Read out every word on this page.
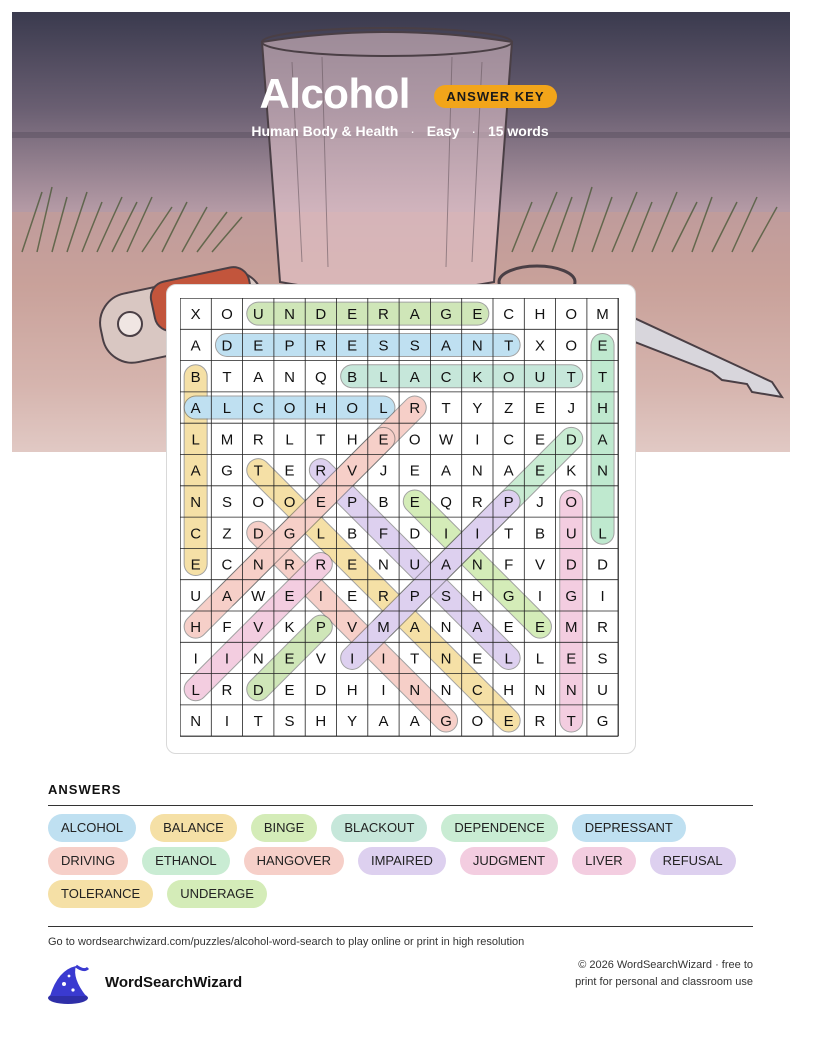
Alcohol	ANSWER KEY
Human Body & Health · Easy · 15 words
X O U N D E R A G E C H O M
A D E P R E S S A N T X O E
B T A N Q B L A C K O U T T
A L C O H O L R T Y Z E J H
L M R L T H E O W I C E D A
A G T E R V J E A N A E K N
N S O O E P B E Q R P J O
C Z D G L B F D I I T B U L
E C N R R E N U A N F V D D
U A W E I E R P S H G I G I
H F V K P V M A N A E E M R
I I N E V I I T N E L L E S
L R D E D H I N N C H N N U
N I T S H Y A A G O E R T G
ANSWERS
ALCOHOL	BALANCE	BINGE	BLACKOUT	DEPENDENCE	DEPRESSANT
DRIVING	ETHANOL	HANGOVER	IMPAIRED	JUDGMENT	LIVER	REFUSAL
TOLERANCE	UNDERAGE
Go to wordsearchwizard.com/puzzles/alcohol-word-search to play online or print in high resolution
WordSearchWizard
© 2026 WordSearchWizard · free to print for personal and classroom use
